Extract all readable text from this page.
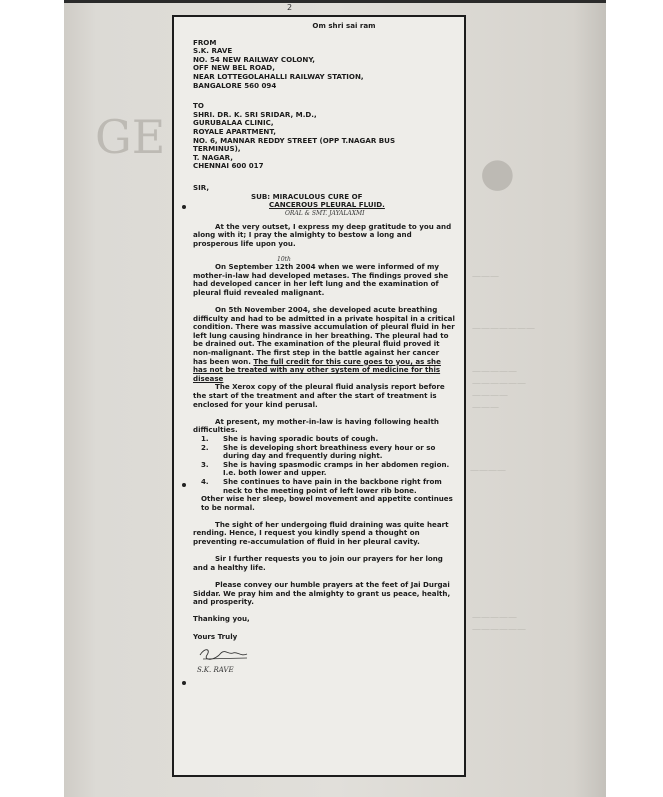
GE
●
———
———————
—————
——————
————
———
————
—————
——————
2
Om shri sai ram
FROM
S.K. RAVE
NO. 54 NEW RAILWAY COLONY,
OFF NEW BEL ROAD,
NEAR LOTTEGOLAHALLI RAILWAY STATION,
BANGALORE 560 094
TO
SHRI. DR. K. SRI SRIDAR, M.D.,
GURUBALAA CLINIC,
ROYALE APARTMENT,
NO. 6, MANNAR REDDY STREET (OPP T.NAGAR BUS
TERMINUS),
T. NAGAR,
CHENNAI 600 017
SIR,
SUB: MIRACULOUS CURE OF
CANCEROUS PLEURAL FLUID.
ORAL & SMT. JAYALAXMI
At the very outset, I express my deep gratitude to you and along with it; I pray the almighty to bestow a long and prosperous life upon you.
10th
On September 12th 2004 when we were informed of my mother-in-law had developed metases. The findings proved she had developed cancer in her left lung and the examination of pleural fluid revealed malignant.
On 5th November 2004, she developed acute breathing difficulty and had to be admitted in a private hospital in a critical condition. There was massive accumulation of pleural fluid in her left lung causing hindrance in her breathing. The pleural had to be drained out. The examination of the pleural fluid proved it non-malignant. The first step in the battle against her cancer has been won. The full credit for this cure goes to you, as she has not be treated with any other system of medicine for this disease
The Xerox copy of the pleural fluid analysis report before the start of the treatment and after the start of treatment is enclosed for your kind perusal.
At present, my mother-in-law is having following health difficulties.
1.	She is having sporadic bouts of cough.
2.	She is developing short breathiness every hour or so during day and frequently during night.
3.	She is having spasmodic cramps in her abdomen region. I.e. both lower and upper.
4.	She continues to have pain in the backbone right from neck to the meeting point of left lower rib bone.
Other wise her sleep, bowel movement and appetite continues to be normal.
The sight of her undergoing fluid draining was quite heart rending. Hence, I request you kindly spend a thought on preventing re-accumulation of fluid in her pleural cavity.
Sir I further requests you to join our prayers for her long and a healthy life.
Please convey our humble prayers at the feet of Jai Durgai Siddar. We pray him and the almighty to grant us peace, health, and prosperity.
Thanking you,
Yours Truly
S.K. RAVE
